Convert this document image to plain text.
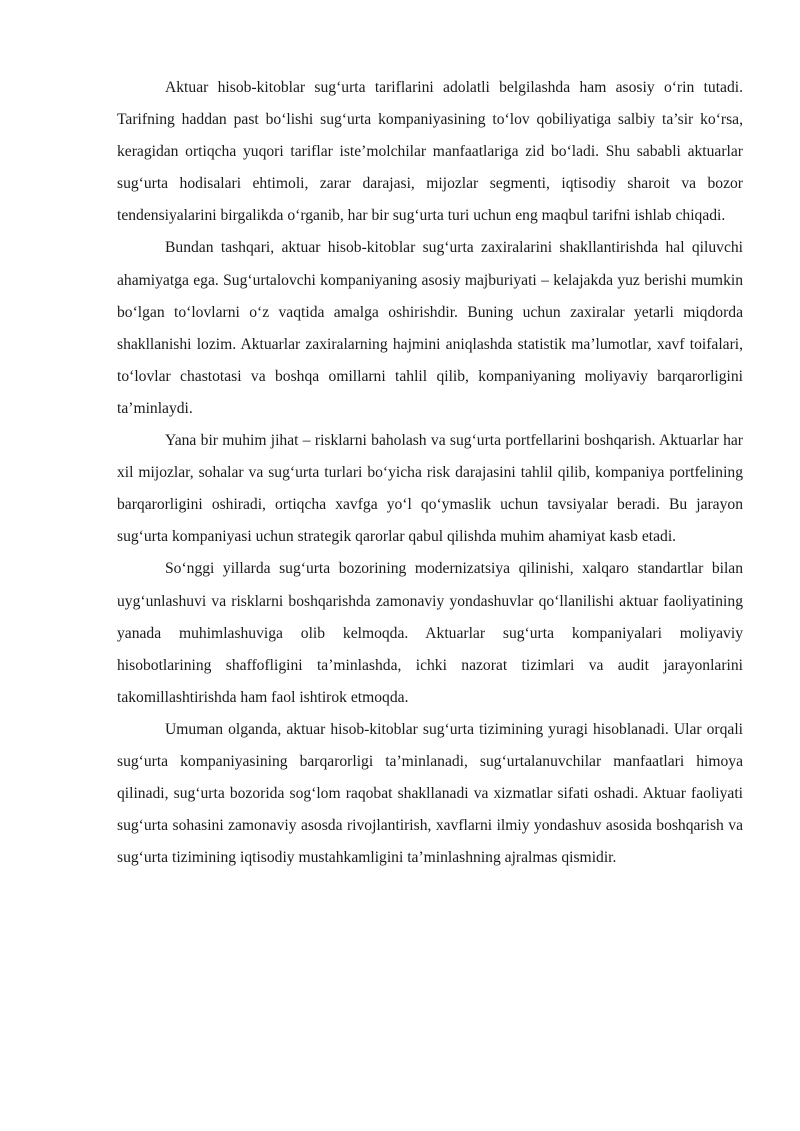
Aktuar hisob-kitoblar sug‘urta tariflarini adolatli belgilashda ham asosiy o‘rin tutadi. Tarifning haddan past bo‘lishi sug‘urta kompaniyasining to‘lov qobiliyatiga salbiy ta’sir ko‘rsa, keragidan ortiqcha yuqori tariflar iste’molchilar manfaatlariga zid bo‘ladi. Shu sababli aktuarlar sug‘urta hodisalari ehtimoli, zarar darajasi, mijozlar segmenti, iqtisodiy sharoit va bozor tendensiyalarini birgalikda o‘rganib, har bir sug‘urta turi uchun eng maqbul tarifni ishlab chiqadi.

Bundan tashqari, aktuar hisob-kitoblar sug‘urta zaxiralarini shakllantirishda hal qiluvchi ahamiyatga ega. Sug‘urtalovchi kompaniyaning asosiy majburiyati – kelajakda yuz berishi mumkin bo‘lgan to‘lovlarni o‘z vaqtida amalga oshirishdir. Buning uchun zaxiralar yetarli miqdorda shakllanishi lozim. Aktuarlar zaxiralarning hajmini aniqlashda statistik ma’lumotlar, xavf toifalari, to‘lovlar chastotasi va boshqa omillarni tahlil qilib, kompaniyaning moliyaviy barqarorligini ta’minlaydi.

Yana bir muhim jihat – risklarni baholash va sug‘urta portfellarini boshqarish. Aktuarlar har xil mijozlar, sohalar va sug‘urta turlari bo‘yicha risk darajasini tahlil qilib, kompaniya portfelining barqarorligini oshiradi, ortiqcha xavfga yo‘l qo‘ymaslik uchun tavsiyalar beradi. Bu jarayon sug‘urta kompaniyasi uchun strategik qarorlar qabul qilishda muhim ahamiyat kasb etadi.

So‘nggi yillarda sug‘urta bozorining modernizatsiya qilinishi, xalqaro standartlar bilan uyg‘unlashuvi va risklarni boshqarishda zamonaviy yondashuvlar qo‘llanilishi aktuar faoliyatining yanada muhimlashuviga olib kelmoqda. Aktuarlar sug‘urta kompaniyalari moliyaviy hisobotlarining shaffofligini ta’minlashda, ichki nazorat tizimlari va audit jarayonlarini takomillashtirishda ham faol ishtirok etmoqda.

Umuman olganda, aktuar hisob-kitoblar sug‘urta tizimining yuragi hisoblanadi. Ular orqali sug‘urta kompaniyasining barqarorligi ta’minlanadi, sug‘urtalanuvchilar manfaatlari himoya qilinadi, sug‘urta bozorida sog‘lom raqobat shakllanadi va xizmatlar sifati oshadi. Aktuar faoliyati sug‘urta sohasini zamonaviy asosda rivojlantirish, xavflarni ilmiy yondashuv asosida boshqarish va sug‘urta tizimining iqtisodiy mustahkamligini ta’minlashning ajralmas qismidir.
